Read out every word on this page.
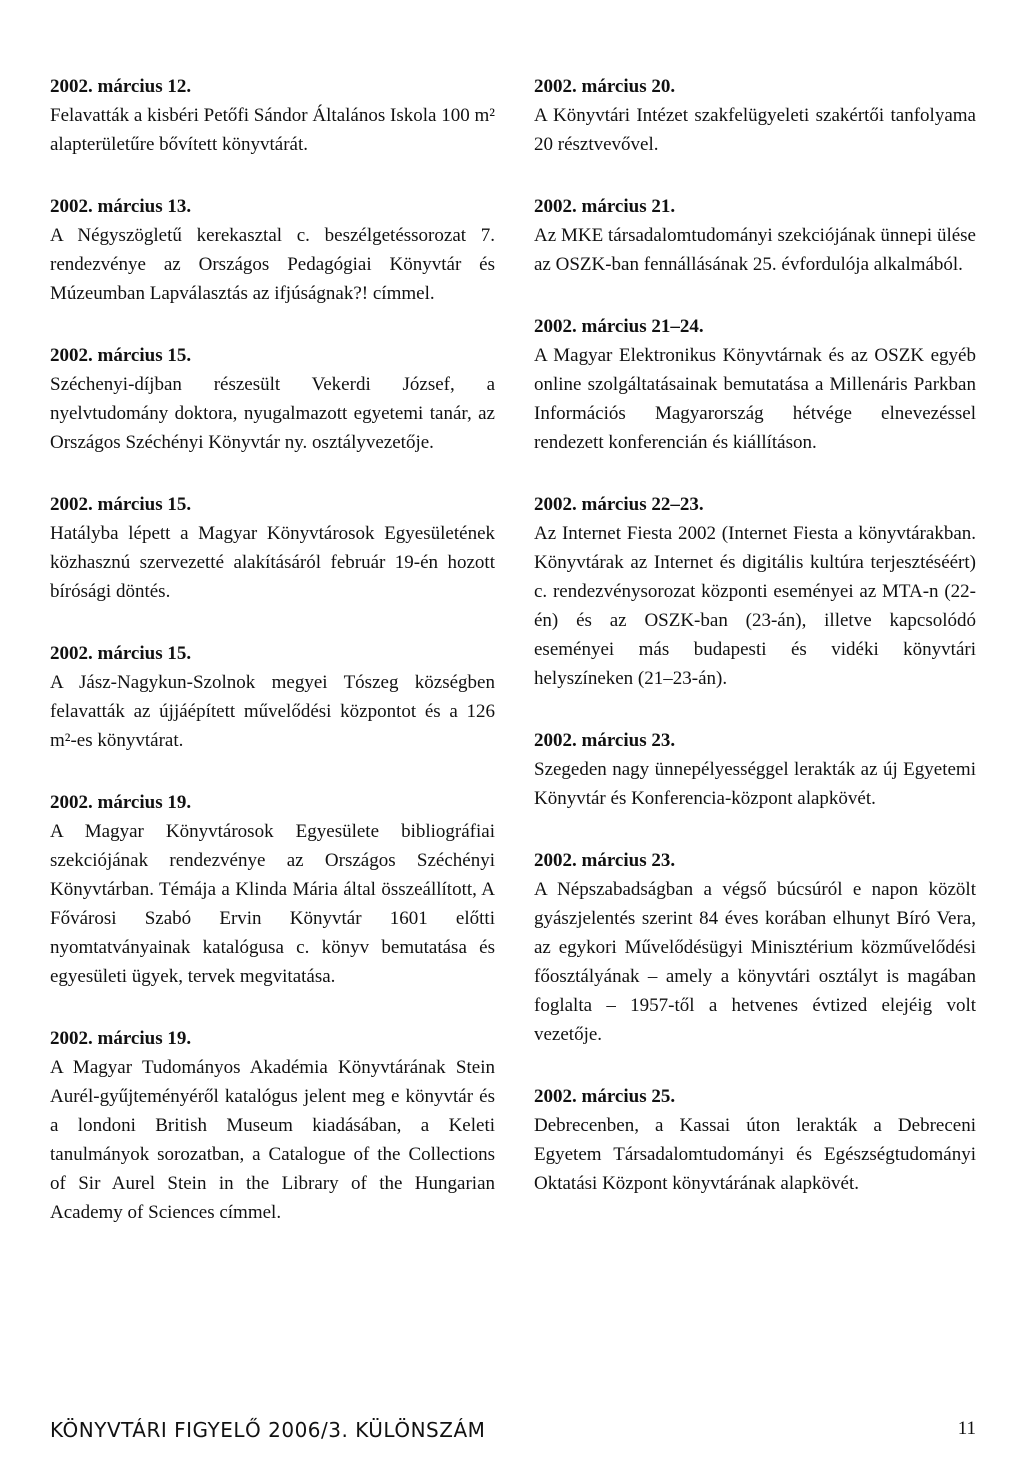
2002. március 12.

Felavatták a kisbéri Petőfi Sándor Általános Iskola 100 m² alapterületűre bővített könyvtárát.

2002. március 13.

A Négyszögletű kerekasztal c. beszélgetéssorozat 7. rendezvénye az Országos Pedagógiai Könyvtár és Múzeumban Lapválasztás az ifjúságnak?! címmel.

2002. március 15.

Széchenyi-díjban részesült Vekerdi József, a nyelvtudomány doktora, nyugalmazott egyetemi tanár, az Országos Széchényi Könyvtár ny. osztályvezetője.

2002. március 15.

Hatályba lépett a Magyar Könyvtárosok Egyesületének közhasznú szervezetté alakításáról február 19-én hozott bírósági döntés.

2002. március 15.

A Jász-Nagykun-Szolnok megyei Tószeg községben felavatták az újjáépített művelődési központot és a 126 m²-es könyvtárat.

2002. március 19.

A Magyar Könyvtárosok Egyesülete bibliográfiai szekciójának rendezvénye az Országos Széchényi Könyvtárban. Témája a Klinda Mária által összeállított, A Fővárosi Szabó Ervin Könyvtár 1601 előtti nyomtatványainak katalógusa c. könyv bemutatása és egyesületi ügyek, tervek megvitatása.

2002. március 19.

A Magyar Tudományos Akadémia Könyvtárának Stein Aurél-gyűjteményéről katalógus jelent meg e könyvtár és a londoni British Museum kiadásában, a Keleti tanulmányok sorozatban, a Catalogue of the Collections of Sir Aurel Stein in the Library of the Hungarian Academy of Sciences címmel.

2002. március 20.

A Könyvtári Intézet szakfelügyeleti szakértői tanfolyama 20 résztvevővel.

2002. március 21.

Az MKE társadalomtudományi szekciójának ünnepi ülése az OSZK-ban fennállásának 25. évfordulója alkalmából.

2002. március 21–24.

A Magyar Elektronikus Könyvtárnak és az OSZK egyéb online szolgáltatásainak bemutatása a Millenáris Parkban Információs Magyarország hétvége elnevezéssel rendezett konferencián és kiállításon.

2002. március 22–23.

Az Internet Fiesta 2002 (Internet Fiesta a könyvtárakban. Könyvtárak az Internet és digitális kultúra terjesztéséért) c. rendezvénysorozat központi eseményei az MTA-n (22-én) és az OSZK-ban (23-án), illetve kapcsolódó eseményei más budapesti és vidéki könyvtári helyszíneken (21–23-án).

2002. március 23.

Szegeden nagy ünnepélyességgel lerakták az új Egyetemi Könyvtár és Konferencia-központ alapkövét.

2002. március 23.

A Népszabadságban a végső búcsúról e napon közölt gyászjelentés szerint 84 éves korában elhunyt Bíró Vera, az egykori Művelődésügyi Minisztérium közművelődési főosztályának – amely a könyvtári osztályt is magában foglalta – 1957-től a hetvenes évtized elejéig volt vezetője.

2002. március 25.

Debrecenben, a Kassai úton lerakták a Debreceni Egyetem Társadalomtudományi és Egészségtudományi Oktatási Központ könyvtárának alapkövét.

KÖNYVTÁRI FIGYELŐ 2006/3. KÜLÖNSZÁM	11
